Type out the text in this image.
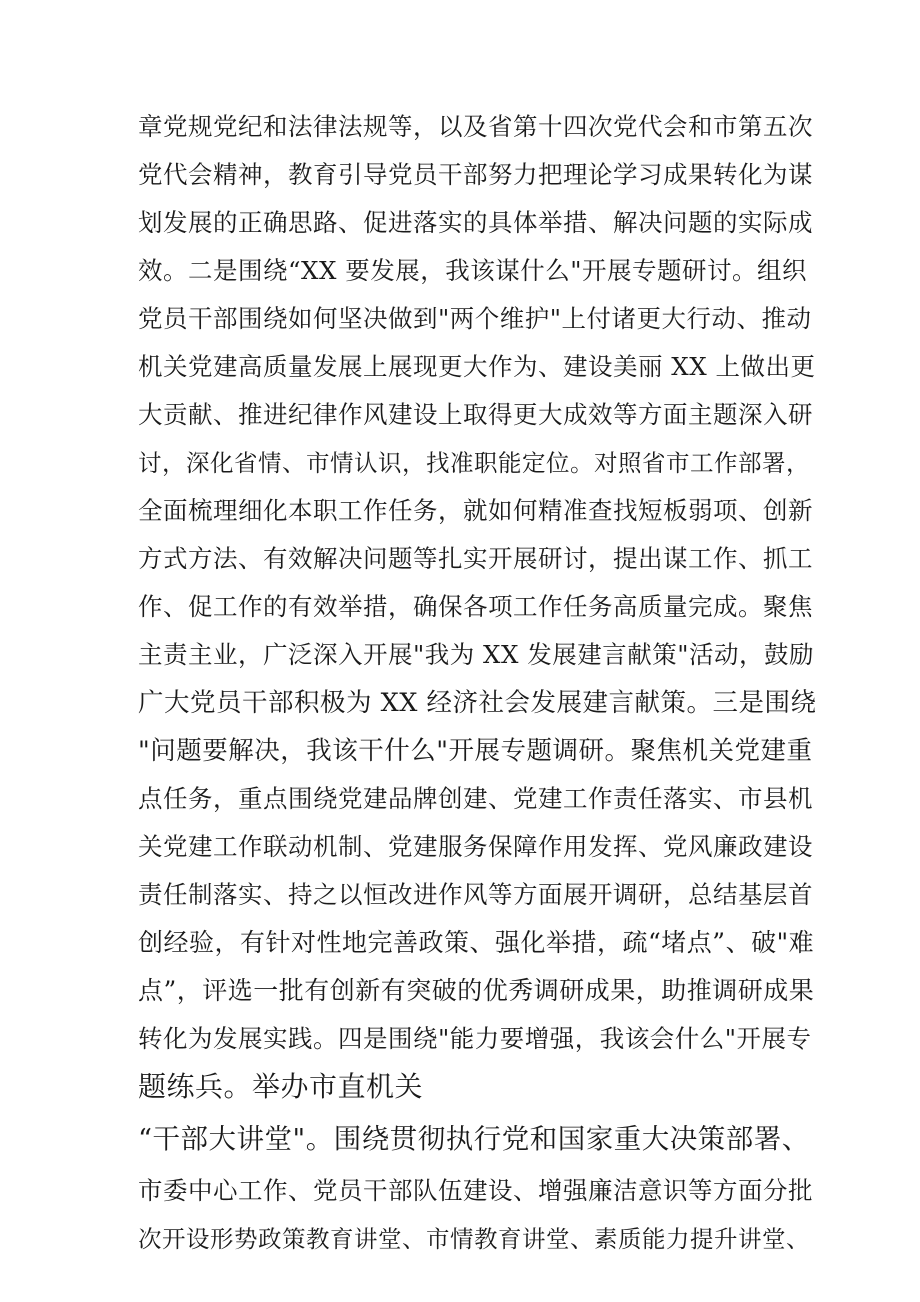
章党规党纪和法律法规等，以及省第十四次党代会和市第五次
党代会精神，教育引导党员干部努力把理论学习成果转化为谋
划发展的正确思路、促进落实的具体举措、解决问题的实际成
效。二是围绕“XX 要发展，我该谋什么"开展专题研讨。组织
党员干部围绕如何坚决做到"两个维护"上付诸更大行动、推动
机关党建高质量发展上展现更大作为、建设美丽 XX 上做出更
大贡献、推进纪律作风建设上取得更大成效等方面主题深入研
讨，深化省情、市情认识，找准职能定位。对照省市工作部署，
全面梳理细化本职工作任务，就如何精准查找短板弱项、创新
方式方法、有效解决问题等扎实开展研讨，提出谋工作、抓工
作、促工作的有效举措，确保各项工作任务高质量完成。聚焦
主责主业，广泛深入开展"我为 XX 发展建言献策"活动，鼓励
广大党员干部积极为 XX 经济社会发展建言献策。三是围绕
"问题要解决，我该干什么"开展专题调研。聚焦机关党建重
点任务，重点围绕党建品牌创建、党建工作责任落实、市县机
关党建工作联动机制、党建服务保障作用发挥、党风廉政建设
责任制落实、持之以恒改进作风等方面展开调研，总结基层首
创经验，有针对性地完善政策、强化举措，疏“堵点”、破"难
点”，评选一批有创新有突破的优秀调研成果，助推调研成果
转化为发展实践。四是围绕"能力要增强，我该会什么"开展专
题练兵。举办市直机关
“干部大讲堂"。围绕贯彻执行党和国家重大决策部署、
市委中心工作、党员干部队伍建设、增强廉洁意识等方面分批
次开设形势政策教育讲堂、市情教育讲堂、素质能力提升讲堂、
